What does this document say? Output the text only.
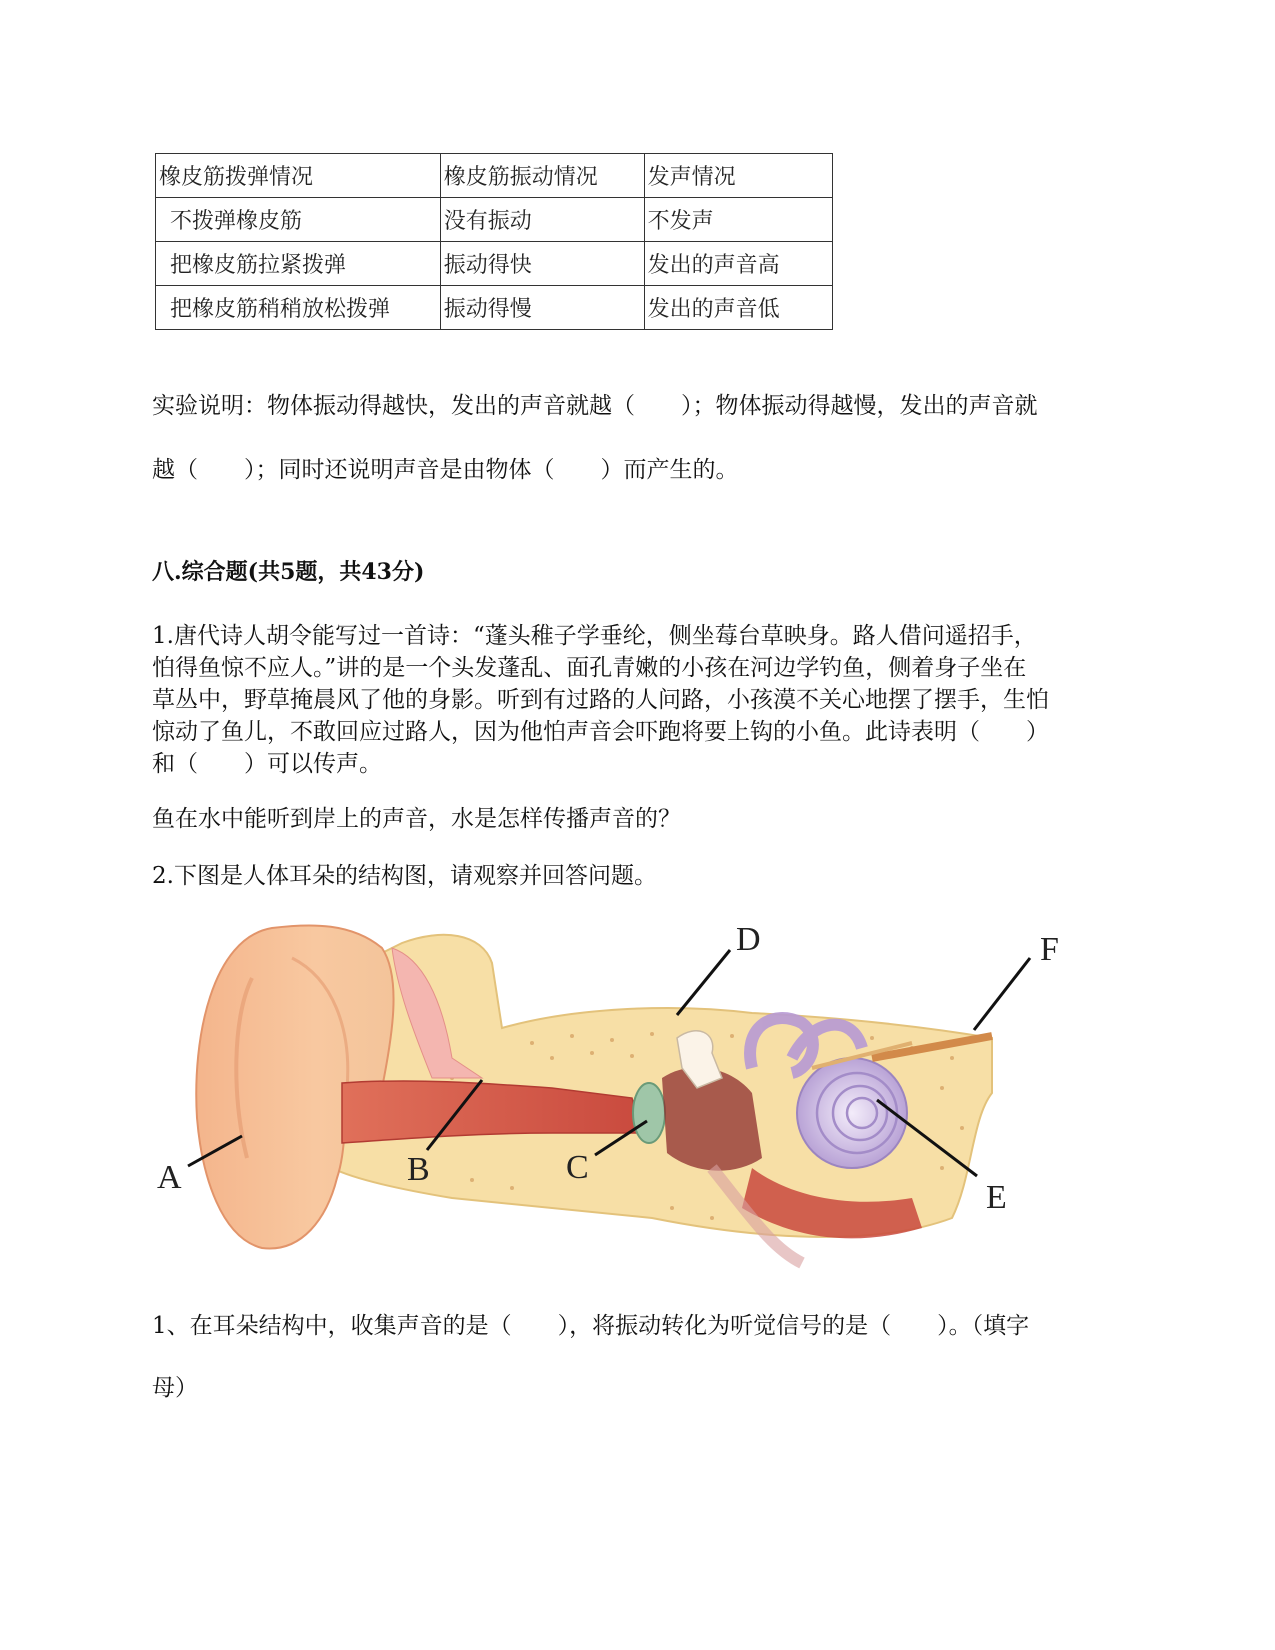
橡皮筋拨弹情况	橡皮筋振动情况	发声情况
不拨弹橡皮筋	没有振动	不发声
把橡皮筋拉紧拨弹	振动得快	发出的声音高
把橡皮筋稍稍放松拨弹	振动得慢	发出的声音低
实验说明：物体振动得越快，发出的声音就越（　　）；物体振动得越慢，发出的声音就
越（　　）；同时还说明声音是由物体（　　）而产生的。
八.综合题(共5题，共43分)
1.唐代诗人胡令能写过一首诗：“蓬头稚子学垂纶，侧坐莓台草映身。路人借问遥招手，
怕得鱼惊不应人。”讲的是一个头发蓬乱、面孔青嫩的小孩在河边学钓鱼，侧着身子坐在
草丛中，野草掩晨风了他的身影。听到有过路的人问路，小孩漠不关心地摆了摆手，生怕
惊动了鱼儿，不敢回应过路人，因为他怕声音会吓跑将要上钩的小鱼。此诗表明（　　）
和（　　）可以传声。
鱼在水中能听到岸上的声音，水是怎样传播声音的？
2.下图是人体耳朵的结构图，请观察并回答问题。
A	B	C
D
E
F
1、在耳朵结构中，收集声音的是（　　），将振动转化为听觉信号的是（　　）。（填字
母）
